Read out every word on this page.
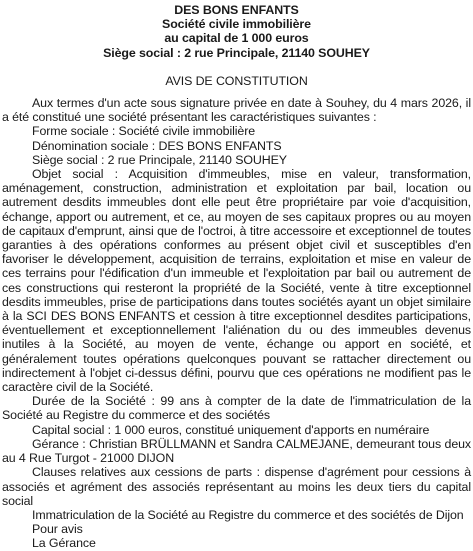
DES BONS ENFANTS

Société civile immobilière

au capital de 1 000 euros

Siège social : 2 rue Principale, 21140 SOUHEY

AVIS DE CONSTITUTION

Aux termes d'un acte sous signature privée en date à Souhey, du 4 mars 2026, il a été constitué une société présentant les caractéristiques suivantes :

Forme sociale : Société civile immobilière

Dénomination sociale : DES BONS ENFANTS

Siège social : 2 rue Principale, 21140 SOUHEY

Objet social : Acquisition d'immeubles, mise en valeur, transformation, aménagement, construction, administration et exploitation par bail, location ou autrement desdits immeubles dont elle peut être propriétaire par voie d'acquisition, échange, apport ou autrement, et ce, au moyen de ses capitaux propres ou au moyen de capitaux d'emprunt, ainsi que de l'octroi, à titre accessoire et exceptionnel de toutes garanties à des opérations conformes au présent objet civil et susceptibles d'en favoriser le développement, acquisition de terrains, exploitation et mise en valeur de ces terrains pour l'édification d'un immeuble et l'exploitation par bail ou autrement de ces constructions qui resteront la propriété de la Société, vente à titre exceptionnel desdits immeubles, prise de participations dans toutes sociétés ayant un objet similaire à la SCI DES BONS ENFANTS et cession à titre exceptionnel desdites participations, éventuellement et exceptionnellement l'aliénation du ou des immeubles devenus inutiles à la Société, au moyen de vente, échange ou apport en société, et généralement toutes opérations quelconques pouvant se rattacher directement ou indirectement à l'objet ci-dessus défini, pourvu que ces opérations ne modifient pas le caractère civil de la Société.

Durée de la Société : 99 ans à compter de la date de l'immatriculation de la Société au Registre du commerce et des sociétés

Capital social : 1 000 euros, constitué uniquement d'apports en numéraire

Gérance : Christian BRÜLLMANN et Sandra CALMEJANE, demeurant tous deux au 4 Rue Turgot - 21000 DIJON

Clauses relatives aux cessions de parts : dispense d'agrément pour cessions à associés et agrément des associés représentant au moins les deux tiers du capital social

Immatriculation de la Société au Registre du commerce et des sociétés de Dijon

Pour avis

La Gérance
